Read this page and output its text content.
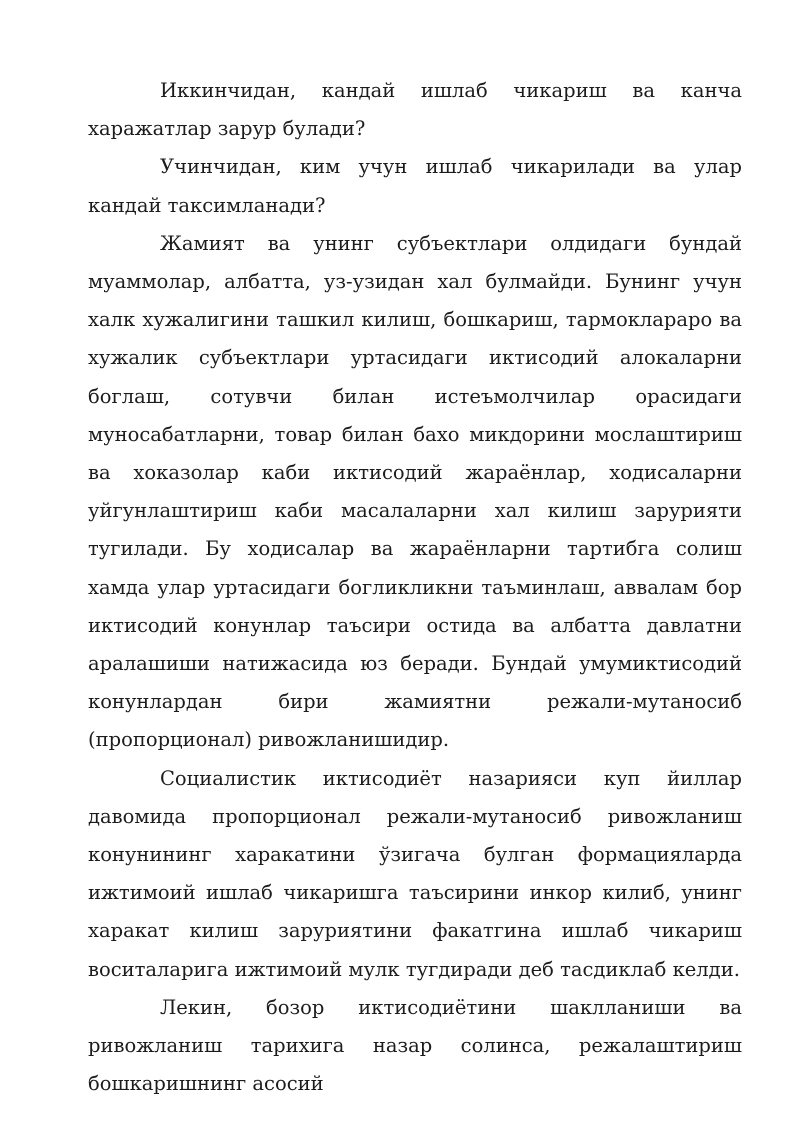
Иккинчидан, кандай ишлаб чикариш ва канча харажатлар зарур булади?

Учинчидан, ким учун ишлаб чикарилади ва улар кандай таксимланади?

Жамият ва унинг субъектлари олдидаги бундай муаммолар, албатта, уз-узидан хал булмайди. Бунинг учун халк хужалигини ташкил килиш, бошкариш, тармоклараро ва хужалик субъектлари уртасидаги иктисодий алокаларни боглаш, сотувчи билан истеъмолчилар орасидаги муносабатларни, товар билан бахо микдорини мослаштириш ва хоказолар каби иктисодий жараёнлар, ходисаларни уйгунлаштириш каби масалаларни хал килиш зарурияти тугилади. Бу ходисалар ва жараёнларни тартибга солиш хамда улар уртасидаги богликликни таъминлаш, аввалам бор иктисодий конунлар таъсири остида ва албатта давлатни аралашиши натижасида юз беради. Бундай умумиктисодий конунлардан бири жамиятни режали-мутаносиб (пропорционал) ривожланишидир.

Социалистик иктисодиёт назарияси куп йиллар давомида пропорционал режали-мутаносиб ривожланиш конунининг харакатини ўзигача булган формацияларда ижтимоий ишлаб чикаришга таъсирини инкор килиб, унинг харакат килиш заруриятини факатгина ишлаб чикариш воситаларига ижтимоий мулк тугдиради деб тасдиклаб келди.

Лекин, бозор иктисодиётини шаклланиши ва ривожланиш тарихига назар солинса, режалаштириш бошкаришнинг асосий
